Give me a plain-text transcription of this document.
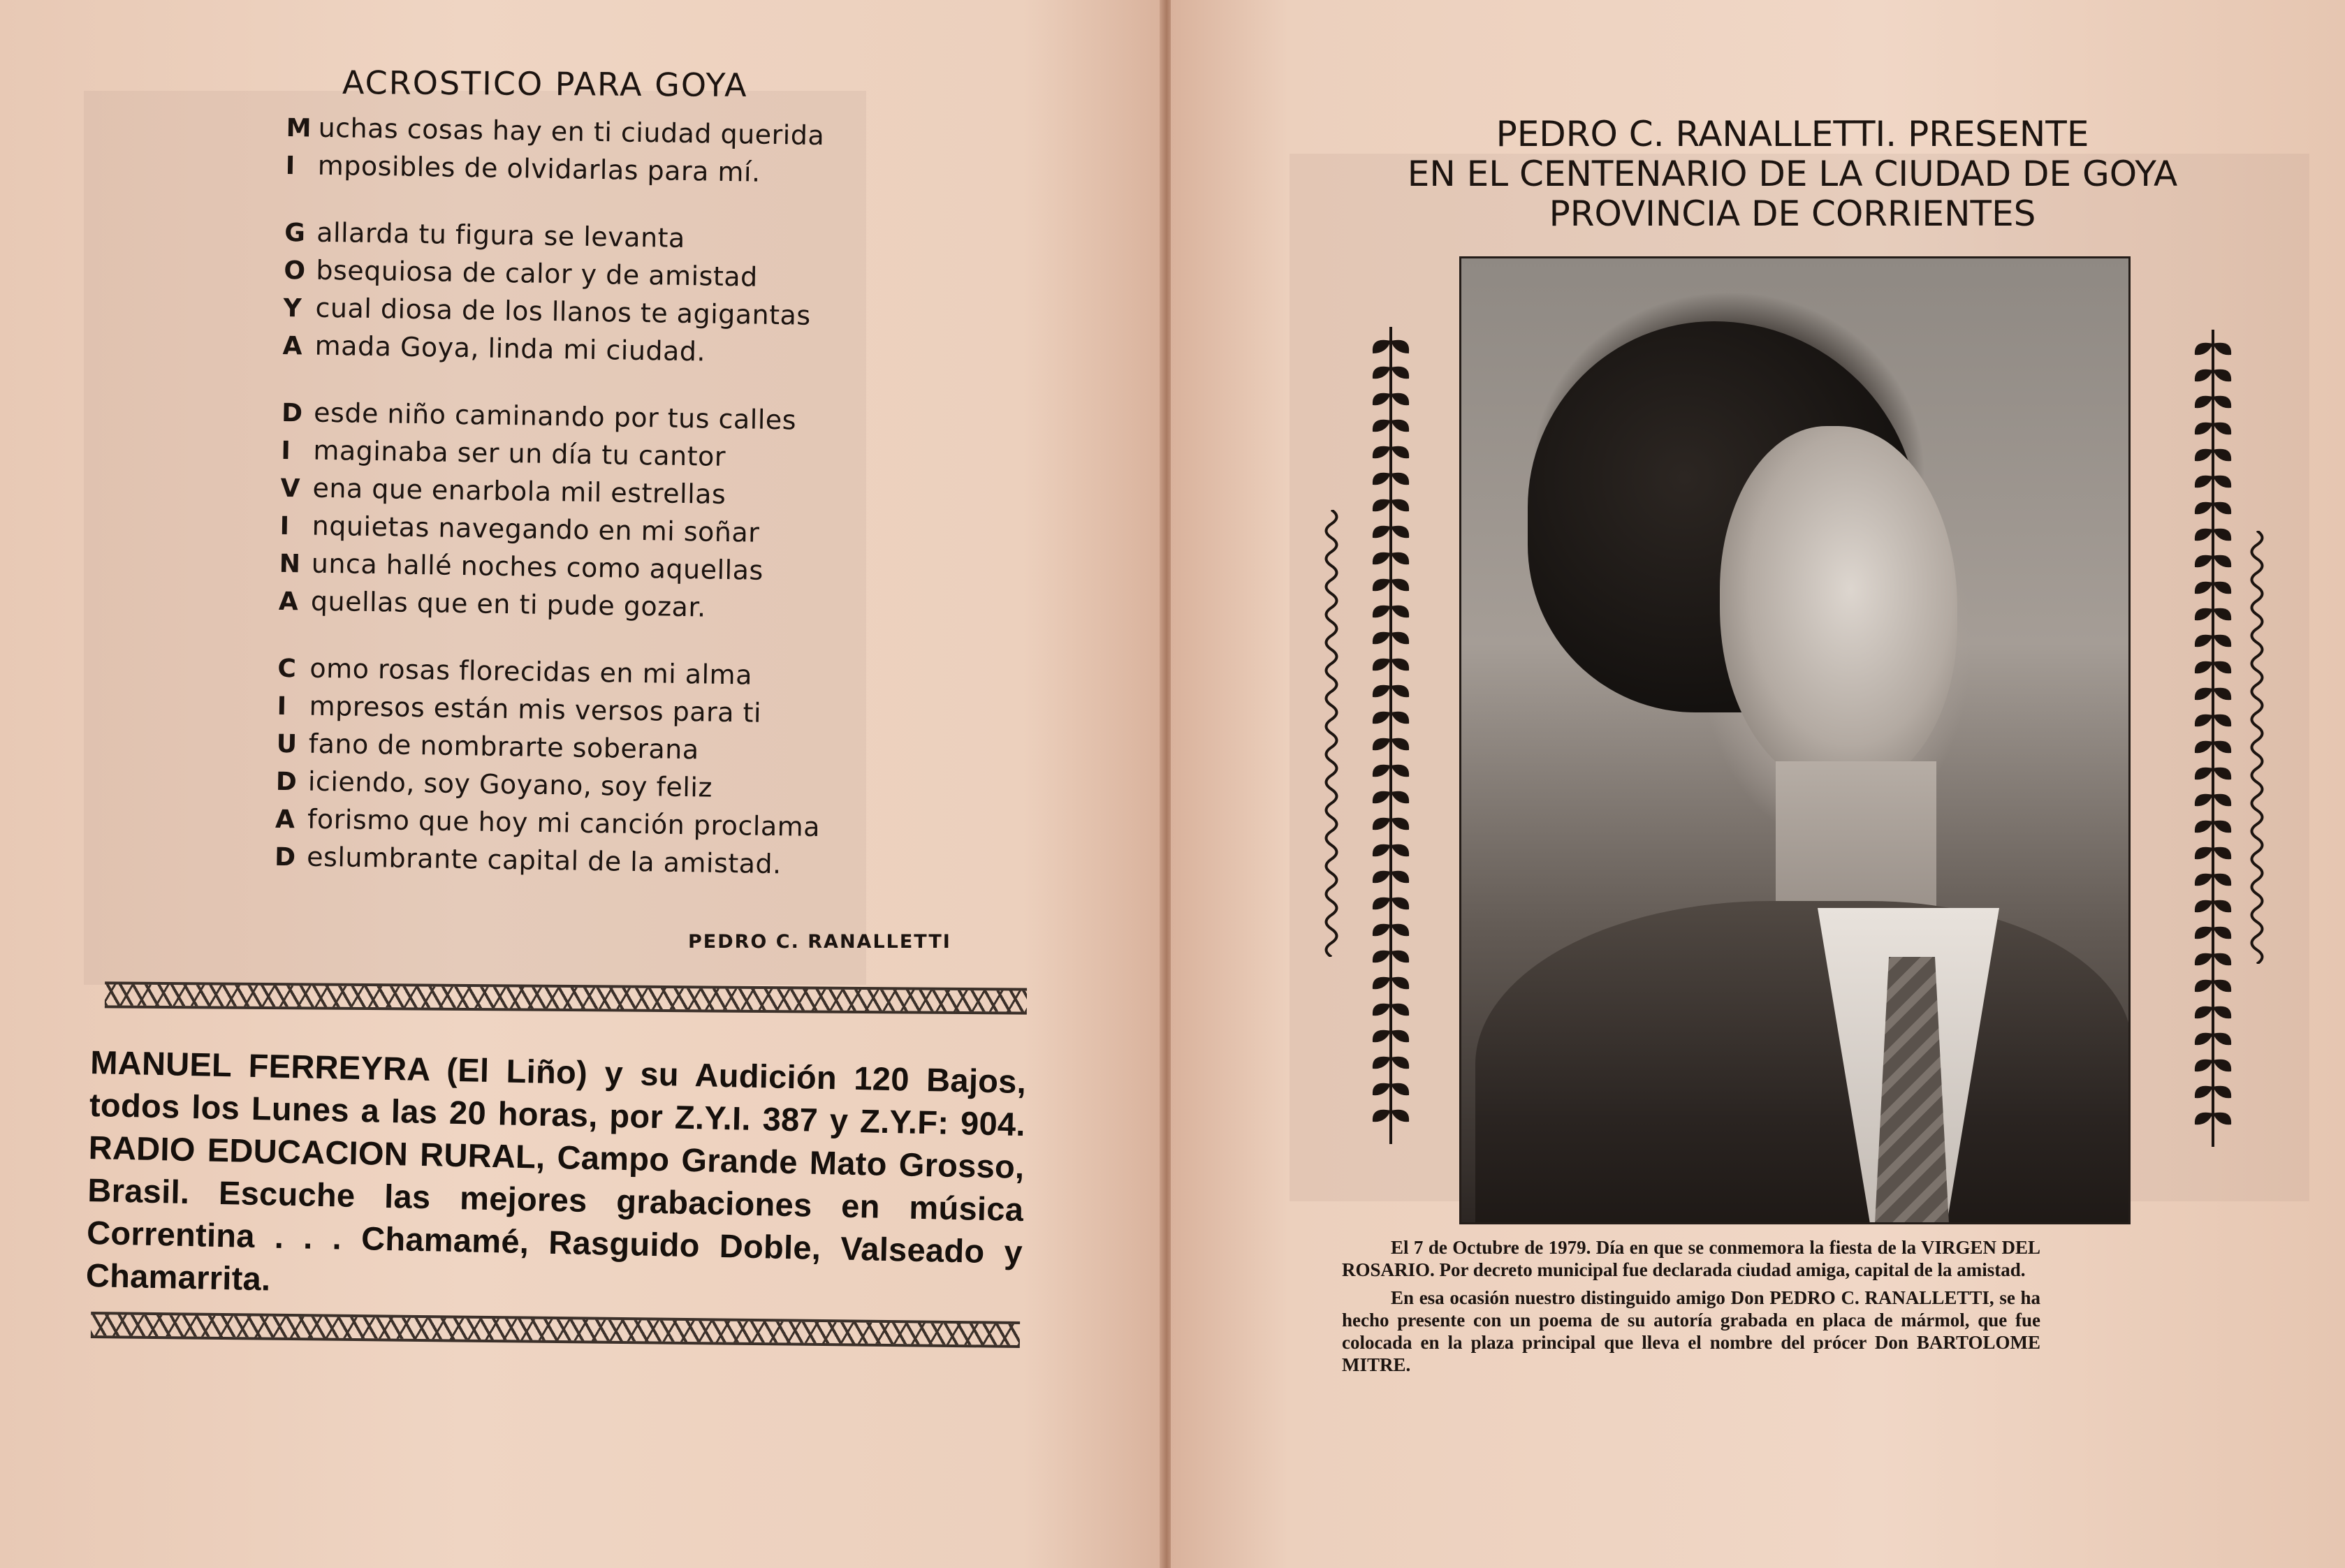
ACROSTICO PARA GOYA
M uchas cosas hay en ti ciudad querida
I mposibles de olvidarlas para mí.
G allarda tu figura se levanta
O bsequiosa de calor y de amistad
Y cual diosa de los llanos te agigantas
A mada Goya, linda mi ciudad.
D esde niño caminando por tus calles
I maginaba ser un día tu cantor
V ena que enarbola mil estrellas
I nquietas navegando en mi soñar
N unca hallé noches como aquellas
A quellas que en ti pude gozar.
C omo rosas florecidas en mi alma
I mpresos están mis versos para ti
U fano de nombrarte soberana
D iciendo, soy Goyano, soy feliz
A forismo que hoy mi canción proclama
D eslumbrante capital de la amistad.
PEDRO C. RANALLETTI
MANUEL FERREYRA (El Liño) y su Audición 120 Bajos, todos los Lunes a las 20 horas, por Z.Y.I. 387 y Z.Y.F: 904. RADIO EDUCACION RURAL, Campo Grande Mato Grosso, Brasil. Escuche las mejores grabaciones en música Correntina . . . Chamamé, Rasguido Doble, Valseado y Chamarrita.
PEDRO C. RANALLETTI. PRESENTE
EN EL CENTENARIO DE LA CIUDAD DE GOYA
PROVINCIA DE CORRIENTES

El 7 de Octubre de 1979. Día en que se conmemora la fiesta de la VIRGEN DEL ROSARIO. Por decreto municipal fue declarada ciudad amiga, capital de la amistad.

En esa ocasión nuestro distinguido amigo Don PEDRO C. RANALLETTI, se ha hecho presente con un poema de su autoría grabada en placa de mármol, que fue colocada en la plaza principal que lleva el nombre del prócer Don BARTOLOME MITRE.
